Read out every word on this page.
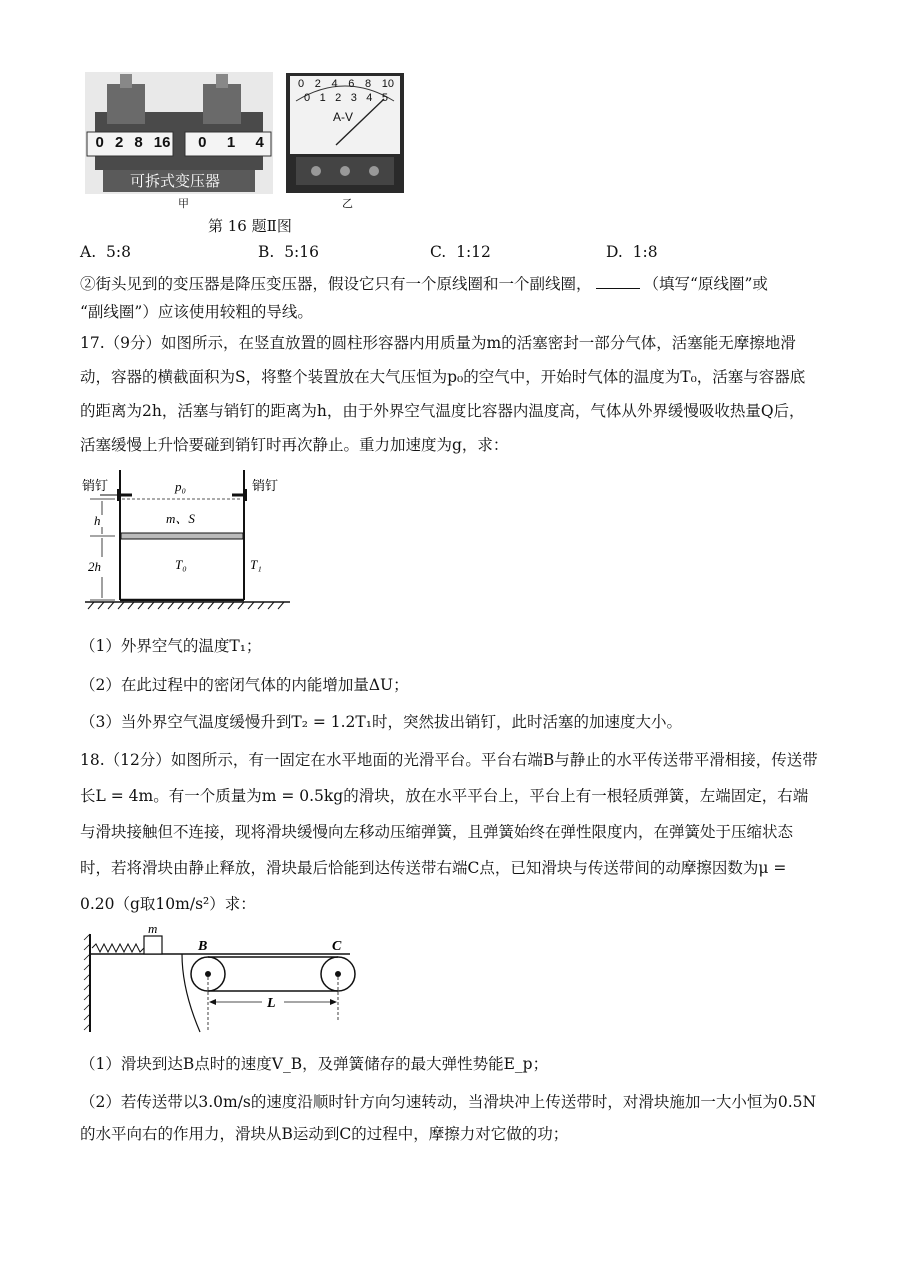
0 2 8 16 0 1 4
可拆式变压器
0 2 4 6 8 10
0 1 2 3 4 5
A-V
甲	乙
第 16 题Ⅱ图
A. 5:8	B. 5:16	C. 1:12	D. 1:8
②街头见到的变压器是降压变压器，假设它只有一个原线圈和一个副线圈，	（填写“原线圈”或
“副线圈”）应该使用较粗的导线。
17.（9分）如图所示，在竖直放置的圆柱形容器内用质量为m的活塞密封一部分气体，活塞能无摩擦地滑动，容器的横截面积为S，将整个装置放在大气压恒为p₀的空气中，开始时气体的温度为T₀，活塞与容器底的距离为2h，活塞与销钉的距离为h，由于外界空气温度比容器内温度高，气体从外界缓慢吸收热量Q后，活塞缓慢上升恰要碰到销钉时再次静止。重力加速度为g，求：
销钉	销钉
p₀
m、S
h
2h	T₀	T₁
（1）外界空气的温度T₁；
（2）在此过程中的密闭气体的内能增加量ΔU；
（3）当外界空气温度缓慢升到T₂ = 1.2T₁时，突然拔出销钉，此时活塞的加速度大小。
18.（12分）如图所示，有一固定在水平地面的光滑平台。平台右端B与静止的水平传送带平滑相接，传送带长L = 4m。有一个质量为m = 0.5kg的滑块，放在水平平台上，平台上有一根轻质弹簧，左端固定，右端与滑块接触但不连接，现将滑块缓慢向左移动压缩弹簧，且弹簧始终在弹性限度内，在弹簧处于压缩状态时，若将滑块由静止释放，滑块最后恰能到达传送带右端C点，已知滑块与传送带间的动摩擦因数为μ = 0.20（g取10m/s²）求：
m
B	C
L
（1）滑块到达B点时的速度V_B，及弹簧储存的最大弹性势能E_p；
（2）若传送带以3.0m/s的速度沿顺时针方向匀速转动，当滑块冲上传送带时，对滑块施加一大小恒为0.5N的水平向右的作用力，滑块从B运动到C的过程中，摩擦力对它做的功；
